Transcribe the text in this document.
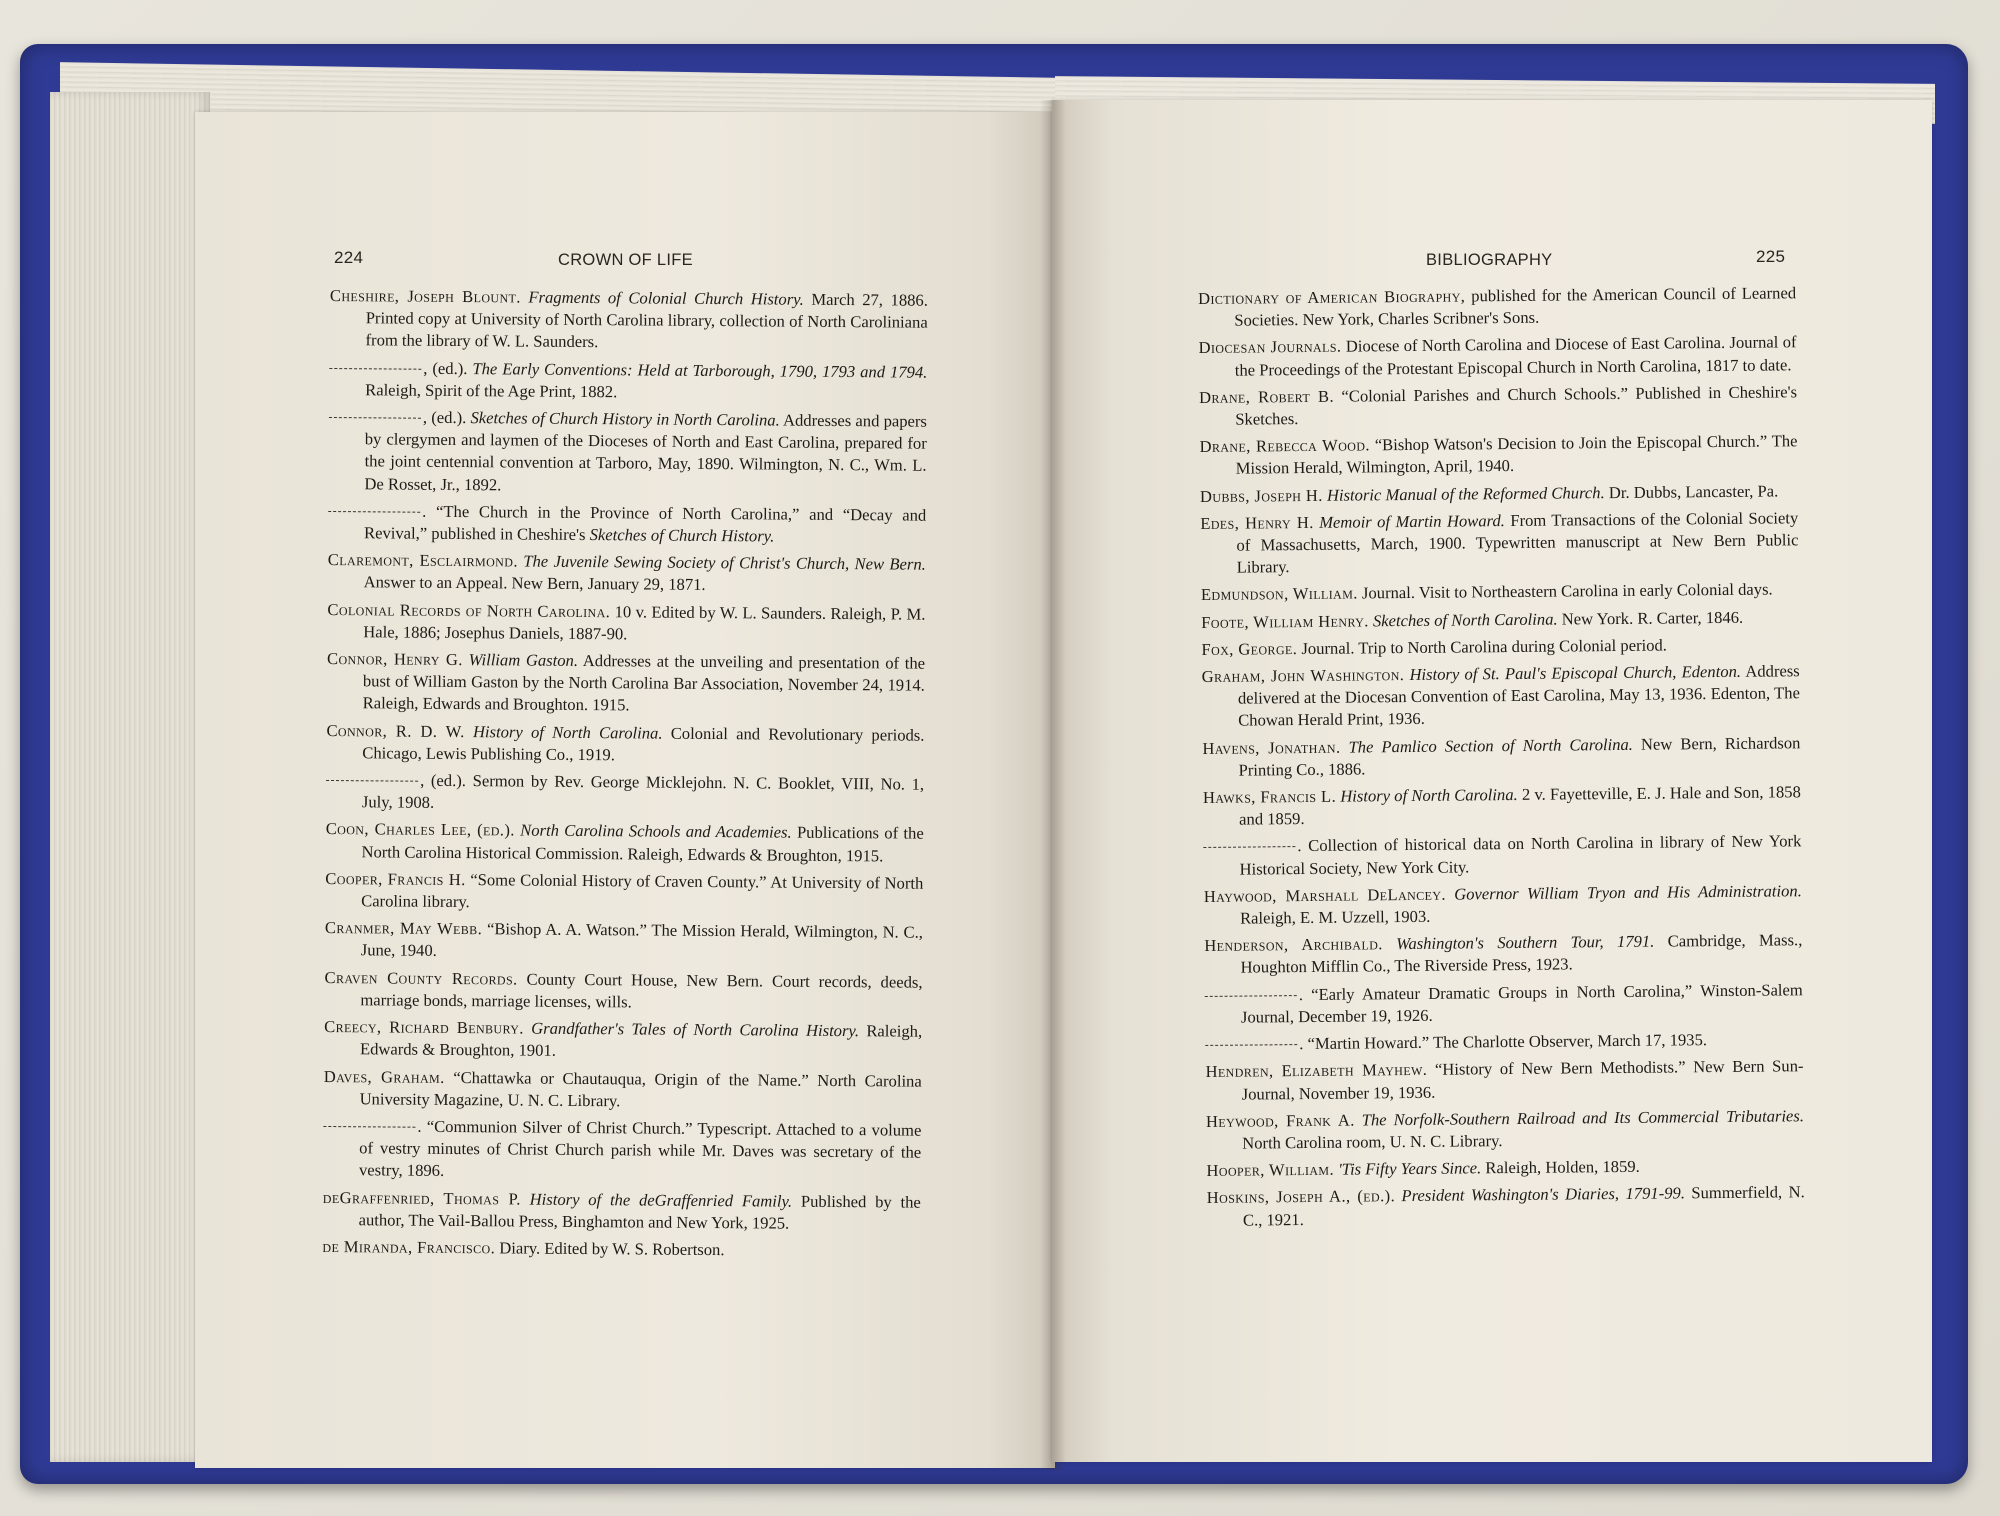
224	CROWN OF LIFE	BIBLIOGRAPHY	225
Cheshire, Joseph Blount. Fragments of Colonial Church History. March 27, 1886. Printed copy at University of North Carolina library, collection of North Caroliniana from the library of W. L. Saunders.
, (ed.). The Early Conventions: Held at Tarborough, 1790, 1793 and 1794. Raleigh, Spirit of the Age Print, 1882.
, (ed.). Sketches of Church History in North Carolina. Addresses and papers by clergymen and laymen of the Dioceses of North and East Carolina, prepared for the joint centennial convention at Tarboro, May, 1890. Wilmington, N. C., Wm. L. De Rosset, Jr., 1892.
. “The Church in the Province of North Carolina,” and “Decay and Revival,” published in Cheshire's Sketches of Church History.
Claremont, Esclairmond. The Juvenile Sewing Society of Christ's Church, New Bern. Answer to an Appeal. New Bern, January 29, 1871.
Colonial Records of North Carolina. 10 v. Edited by W. L. Saunders. Raleigh, P. M. Hale, 1886; Josephus Daniels, 1887-90.
Connor, Henry G. William Gaston. Addresses at the unveiling and presentation of the bust of William Gaston by the North Carolina Bar Association, November 24, 1914. Raleigh, Edwards and Broughton. 1915.
Connor, R. D. W. History of North Carolina. Colonial and Revolutionary periods. Chicago, Lewis Publishing Co., 1919.
, (ed.). Sermon by Rev. George Micklejohn. N. C. Booklet, VIII, No. 1, July, 1908.
Coon, Charles Lee, (ed.). North Carolina Schools and Academies. Publications of the North Carolina Historical Commission. Raleigh, Edwards & Broughton, 1915.
Cooper, Francis H. “Some Colonial History of Craven County.” At University of North Carolina library.
Cranmer, May Webb. “Bishop A. A. Watson.” The Mission Herald, Wilmington, N. C., June, 1940.
Craven County Records. County Court House, New Bern. Court records, deeds, marriage bonds, marriage licenses, wills.
Creecy, Richard Benbury. Grandfather's Tales of North Carolina History. Raleigh, Edwards & Broughton, 1901.
Daves, Graham. “Chattawka or Chautauqua, Origin of the Name.” North Carolina University Magazine, U. N. C. Library.
. “Communion Silver of Christ Church.” Typescript. Attached to a volume of vestry minutes of Christ Church parish while Mr. Daves was secretary of the vestry, 1896.
deGraffenried, Thomas P. History of the deGraffenried Family. Published by the author, The Vail-Ballou Press, Binghamton and New York, 1925.
de Miranda, Francisco. Diary. Edited by W. S. Robertson.
Dictionary of American Biography, published for the American Council of Learned Societies. New York, Charles Scribner's Sons.
Diocesan Journals. Diocese of North Carolina and Diocese of East Carolina. Journal of the Proceedings of the Protestant Episcopal Church in North Carolina, 1817 to date.
Drane, Robert B. “Colonial Parishes and Church Schools.” Published in Cheshire's Sketches.
Drane, Rebecca Wood. “Bishop Watson's Decision to Join the Episcopal Church.” The Mission Herald, Wilmington, April, 1940.
Dubbs, Joseph H. Historic Manual of the Reformed Church. Dr. Dubbs, Lancaster, Pa.
Edes, Henry H. Memoir of Martin Howard. From Transactions of the Colonial Society of Massachusetts, March, 1900. Typewritten manuscript at New Bern Public Library.
Edmundson, William. Journal. Visit to Northeastern Carolina in early Colonial days.
Foote, William Henry. Sketches of North Carolina. New York. R. Carter, 1846.
Fox, George. Journal. Trip to North Carolina during Colonial period.
Graham, John Washington. History of St. Paul's Episcopal Church, Edenton. Address delivered at the Diocesan Convention of East Carolina, May 13, 1936. Edenton, The Chowan Herald Print, 1936.
Havens, Jonathan. The Pamlico Section of North Carolina. New Bern, Richardson Printing Co., 1886.
Hawks, Francis L. History of North Carolina. 2 v. Fayetteville, E. J. Hale and Son, 1858 and 1859.
. Collection of historical data on North Carolina in library of New York Historical Society, New York City.
Haywood, Marshall DeLancey. Governor William Tryon and His Administration. Raleigh, E. M. Uzzell, 1903.
Henderson, Archibald. Washington's Southern Tour, 1791. Cambridge, Mass., Houghton Mifflin Co., The Riverside Press, 1923.
. “Early Amateur Dramatic Groups in North Carolina,” Winston-Salem Journal, December 19, 1926.
. “Martin Howard.” The Charlotte Observer, March 17, 1935.
Hendren, Elizabeth Mayhew. “History of New Bern Methodists.” New Bern Sun-Journal, November 19, 1936.
Heywood, Frank A. The Norfolk-Southern Railroad and Its Commercial Tributaries. North Carolina room, U. N. C. Library.
Hooper, William. 'Tis Fifty Years Since. Raleigh, Holden, 1859.
Hoskins, Joseph A., (ed.). President Washington's Diaries, 1791-99. Summerfield, N. C., 1921.
